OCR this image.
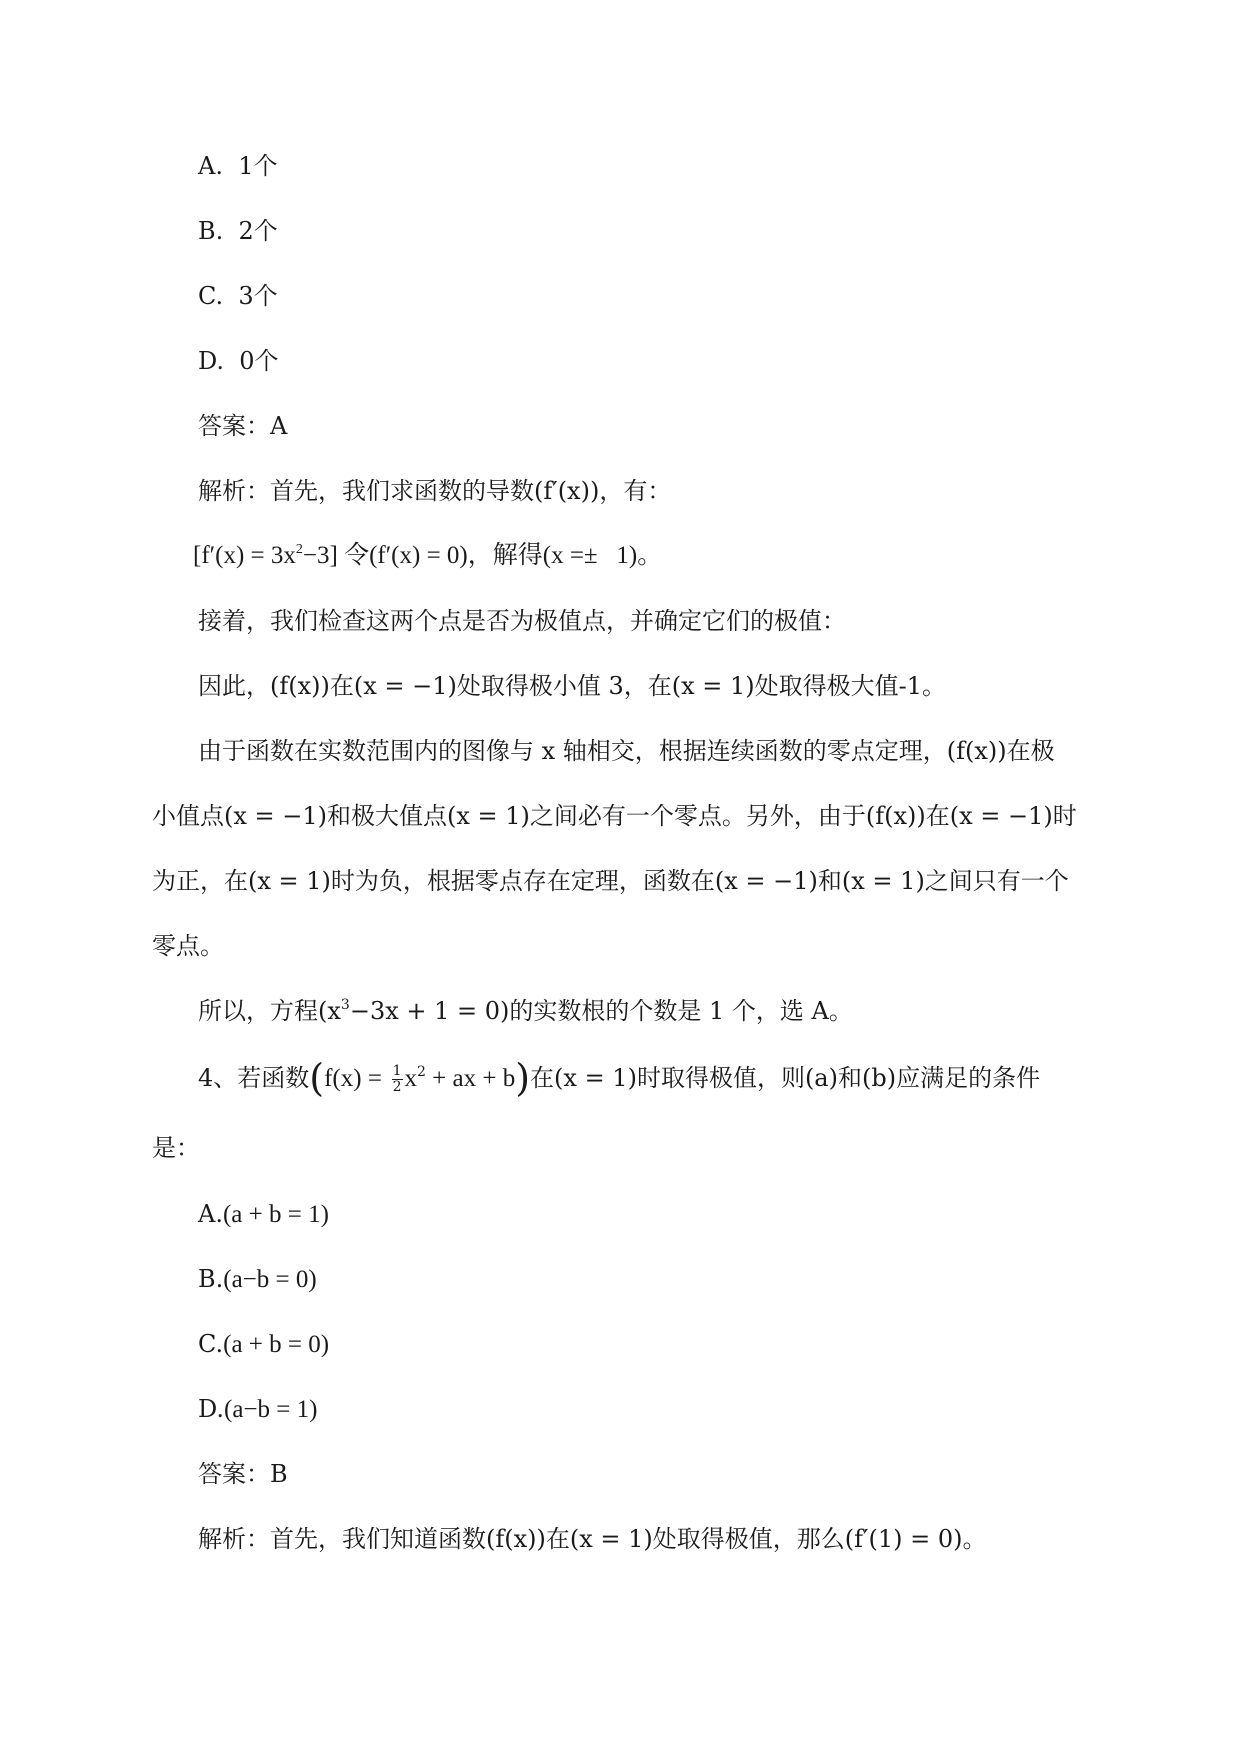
A. 1个
B. 2个
C. 3个
D. 0个
答案：A
解析：首先，我们求函数的导数(f′(x))，有：
$[f'(x) = 3x^2-3]$ 令(f′(x) = 0)，解得(x =± 1)。
接着，我们检查这两个点是否为极值点，并确定它们的极值：
因此，(f(x))在(x = −1)处取得极小值 3，在(x = 1)处取得极大值-1。
由于函数在实数范围内的图像与 x 轴相交，根据连续函数的零点定理，(f(x))在极
小值点(x = −1)和极大值点(x = 1)之间必有一个零点。另外，由于(f(x))在(x = −1)时
为正，在(x = 1)时为负，根据零点存在定理，函数在(x = −1)和(x = 1)之间只有一个
零点。
所以，方程$(x^3-3x + 1 = 0)$的实数根的个数是 1 个，选 A。
4、若函数($f(x) = \frac{1}{2} x^2$ + ax + b)在(x = 1)时取得极值，则(a)和(b)应满足的条件
是：
A.(a + b = 1)
B.(a−b = 0)
C.(a + b = 0)
D.(a−b = 1)
答案：B
解析：首先，我们知道函数(f(x))在(x = 1)处取得极值，那么(f′(1) = 0)。
